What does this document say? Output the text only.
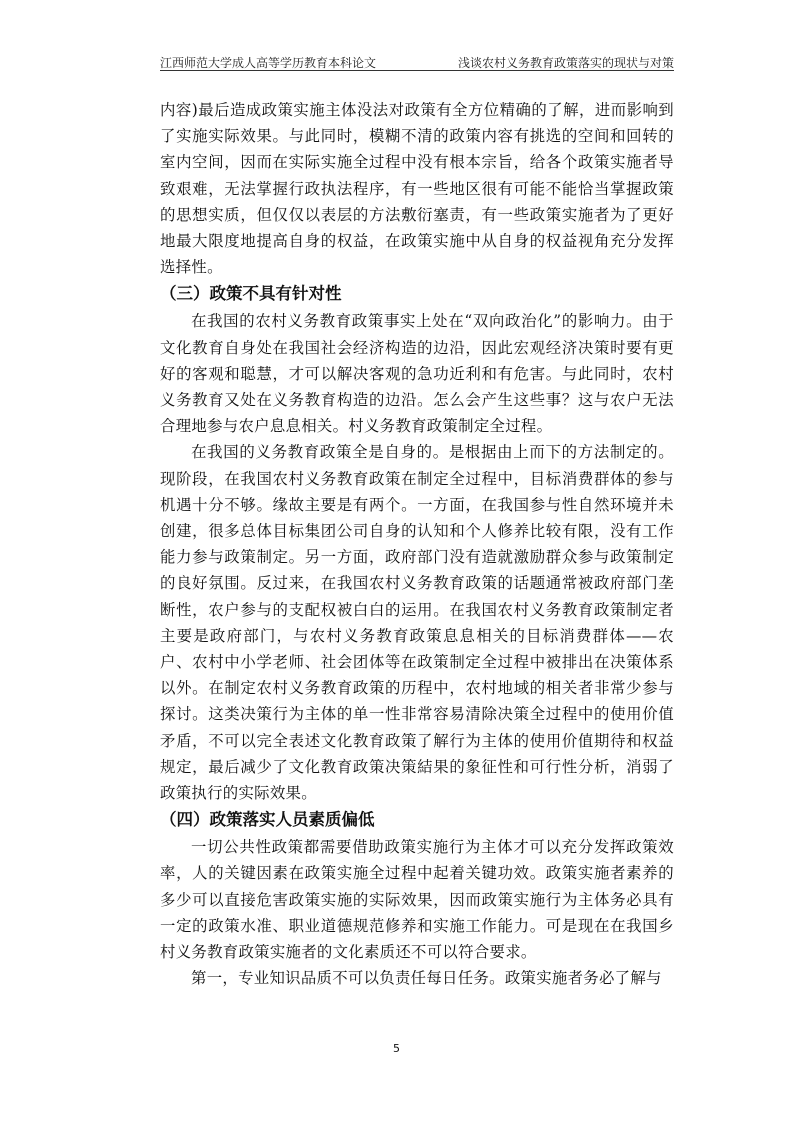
江西师范大学成人高等学历教育本科论文	浅谈农村义务教育政策落实的现状与对策

内容)最后造成政策实施主体没法对政策有全方位精确的了解，进而影响到了实施实际效果。与此同时，模糊不清的政策内容有挑选的空间和回转的室内空间，因而在实际实施全过程中没有根本宗旨，给各个政策实施者导致艰难，无法掌握行政执法程序，有一些地区很有可能不能恰当掌握政策的思想实质，但仅仅以表层的方法敷衍塞责，有一些政策实施者为了更好地最大限度地提高自身的权益，在政策实施中从自身的权益视角充分发挥选择性。

（三）政策不具有针对性

在我国的农村义务教育政策事实上处在“双向政治化”的影响力。由于文化教育自身处在我国社会经济构造的边沿，因此宏观经济决策时要有更好的客观和聪慧，才可以解决客观的急功近利和有危害。与此同时，农村义务教育又处在义务教育构造的边沿。怎么会产生这些事？这与农户无法合理地参与农户息息相关。村义务教育政策制定全过程。

在我国的义务教育政策全是自身的。是根据由上而下的方法制定的。现阶段，在我国农村义务教育政策在制定全过程中，目标消费群体的参与机遇十分不够。缘故主要是有两个。一方面，在我国参与性自然环境并未创建，很多总体目标集团公司自身的认知和个人修养比较有限，没有工作能力参与政策制定。另一方面，政府部门没有造就激励群众参与政策制定的良好氛围。反过来，在我国农村义务教育政策的话题通常被政府部门垄断性，农户参与的支配权被白白的运用。在我国农村义务教育政策制定者主要是政府部门，与农村义务教育政策息息相关的目标消费群体——农户、农村中小学老师、社会团体等在政策制定全过程中被排出在决策体系以外。在制定农村义务教育政策的历程中，农村地域的相关者非常少参与探讨。这类决策行为主体的单一性非常容易清除决策全过程中的使用价值矛盾，不可以完全表述文化教育政策了解行为主体的使用价值期待和权益规定，最后减少了文化教育政策决策結果的象征性和可行性分析，消弱了政策执行的实际效果。

（四）政策落实人员素质偏低

一切公共性政策都需要借助政策实施行为主体才可以充分发挥政策效率，人的关键因素在政策实施全过程中起着关键功效。政策实施者素养的多少可以直接危害政策实施的实际效果，因而政策实施行为主体务必具有一定的政策水准、职业道德规范修养和实施工作能力。可是现在在我国乡村义务教育政策实施者的文化素质还不可以符合要求。

第一，专业知识品质不可以负责任每日任务。政策实施者务必了解与

5
